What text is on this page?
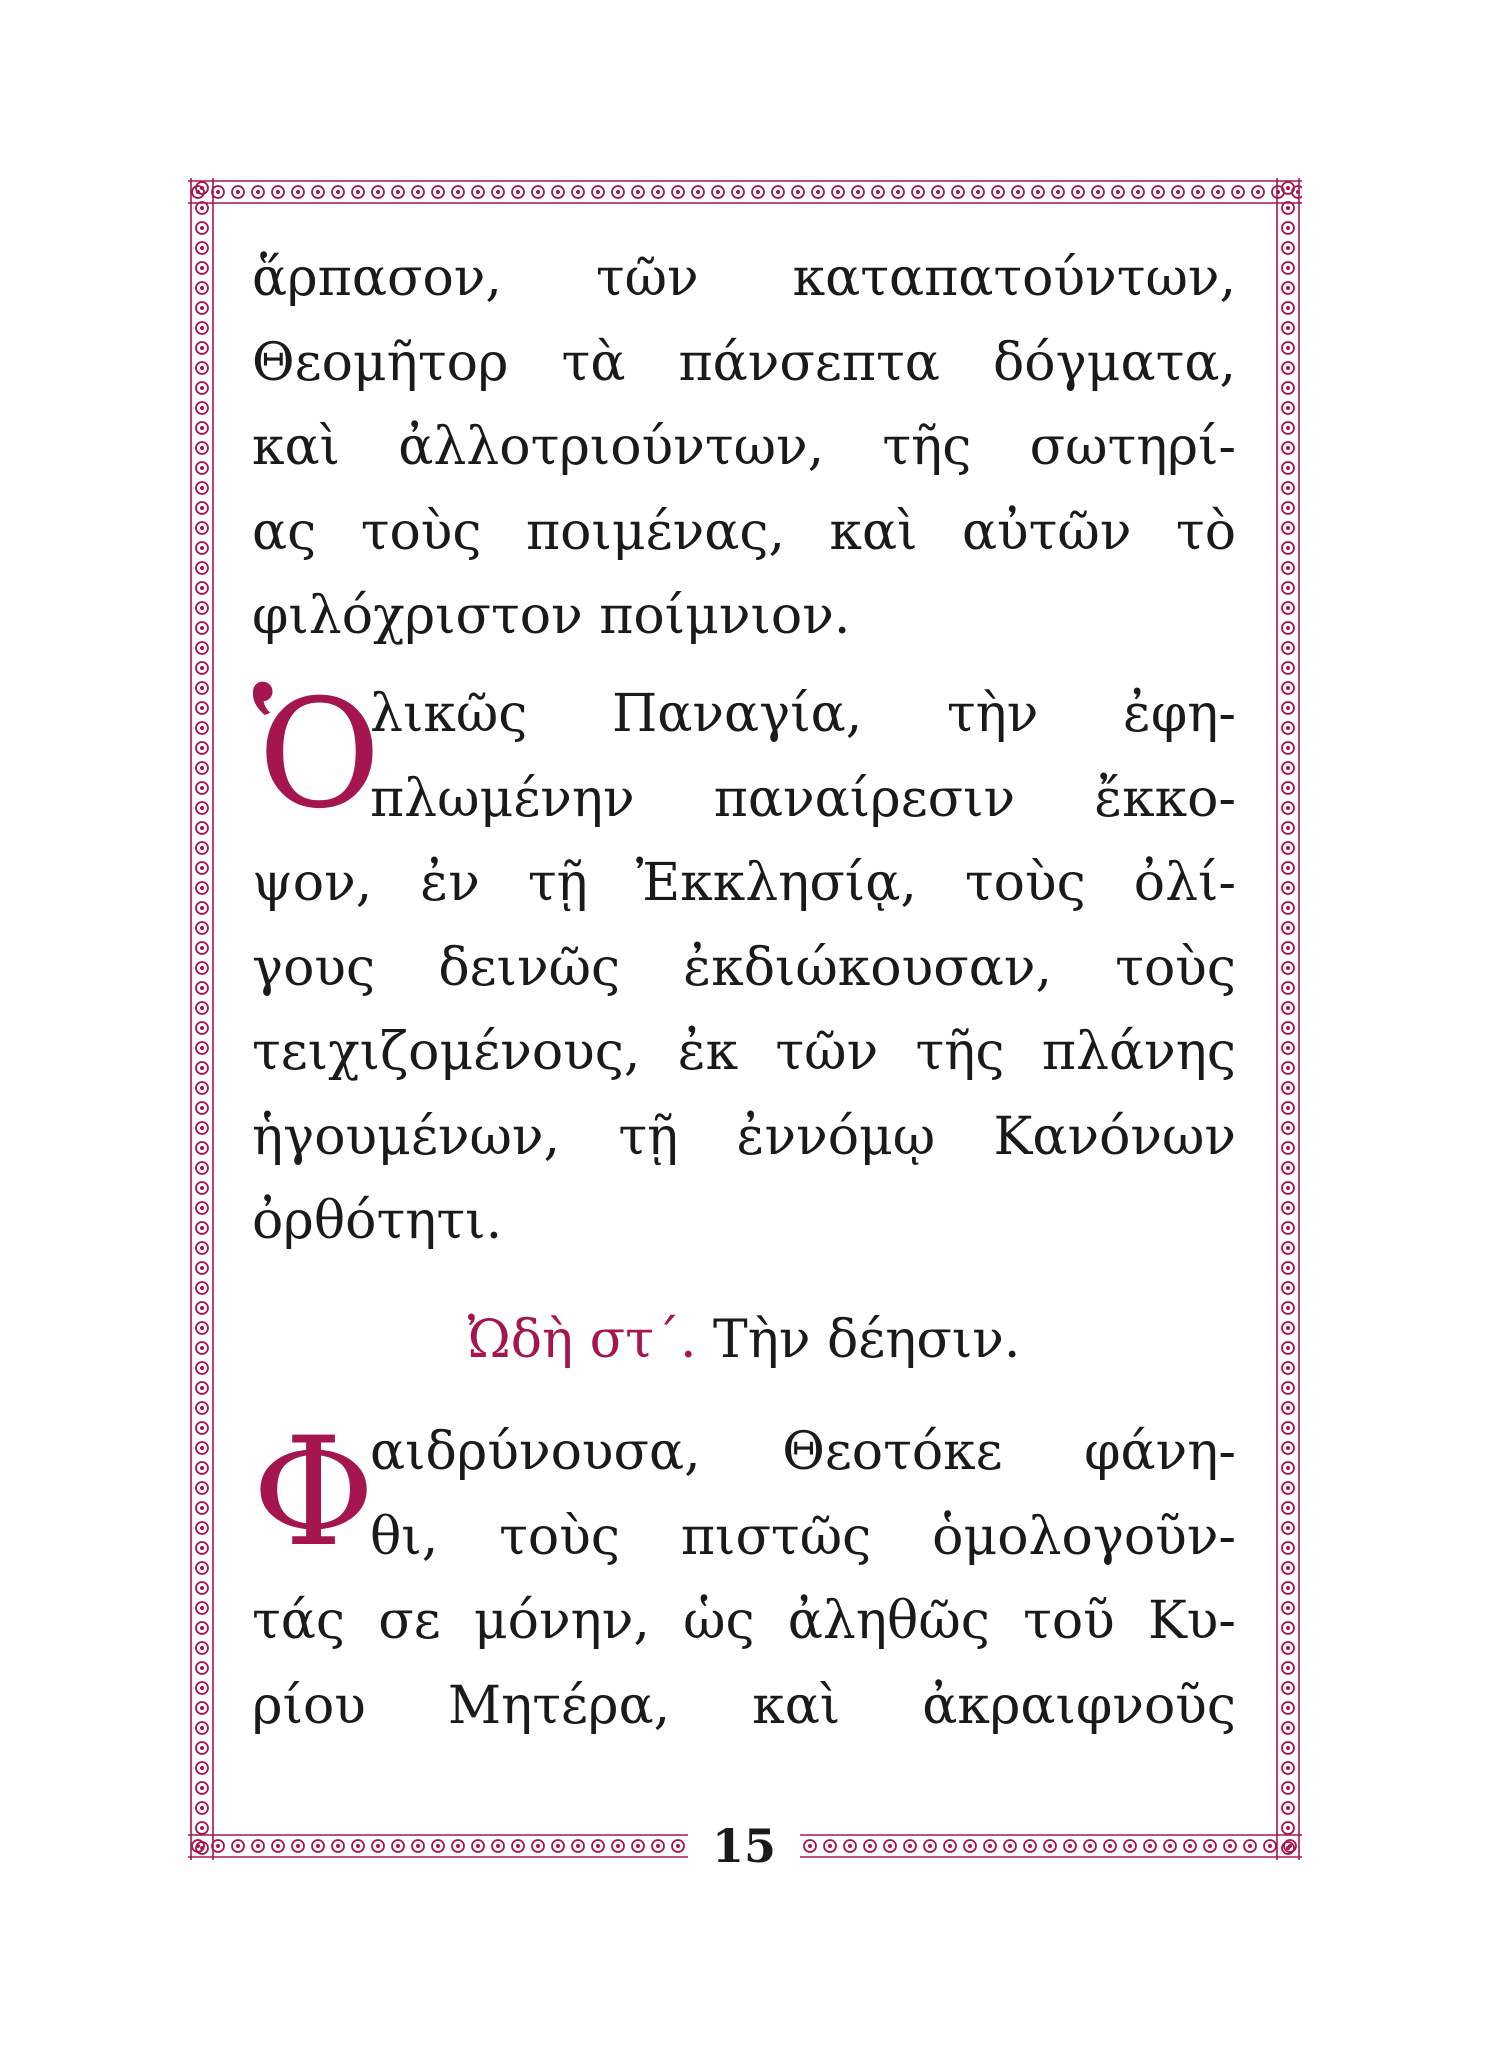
15
ἅρπασον, τῶν καταπατούντων,
Θεομῆτορ τὰ πάνσεπτα δόγματα,
καὶ ἀλλοτριούντων, τῆς σωτηρί-
ας τοὺς ποιμένας, καὶ αὐτῶν τὸ
φιλόχριστον ποίμνιον.
Ὁ
λικῶς Παναγία, τὴν ἐφη-
πλωμένην παναίρεσιν ἔκκο-
ψον, ἐν τῇ Ἐκκλησίᾳ, τοὺς ὀλί-
γους δεινῶς ἐκδιώκουσαν, τοὺς
τειχιζομένους, ἐκ τῶν τῆς πλάνης
ἡγουμένων, τῇ ἐννόμῳ Κανόνων
ὀρθότητι.
Ὠδὴ στ΄. Τὴν δέησιν.
Φ
αιδρύνουσα, Θεοτόκε φάνη-
θι, τοὺς πιστῶς ὁμολογοῦν-
τάς σε μόνην, ὡς ἀληθῶς τοῦ Κυ-
ρίου Μητέρα, καὶ ἀκραιφνοῦς
